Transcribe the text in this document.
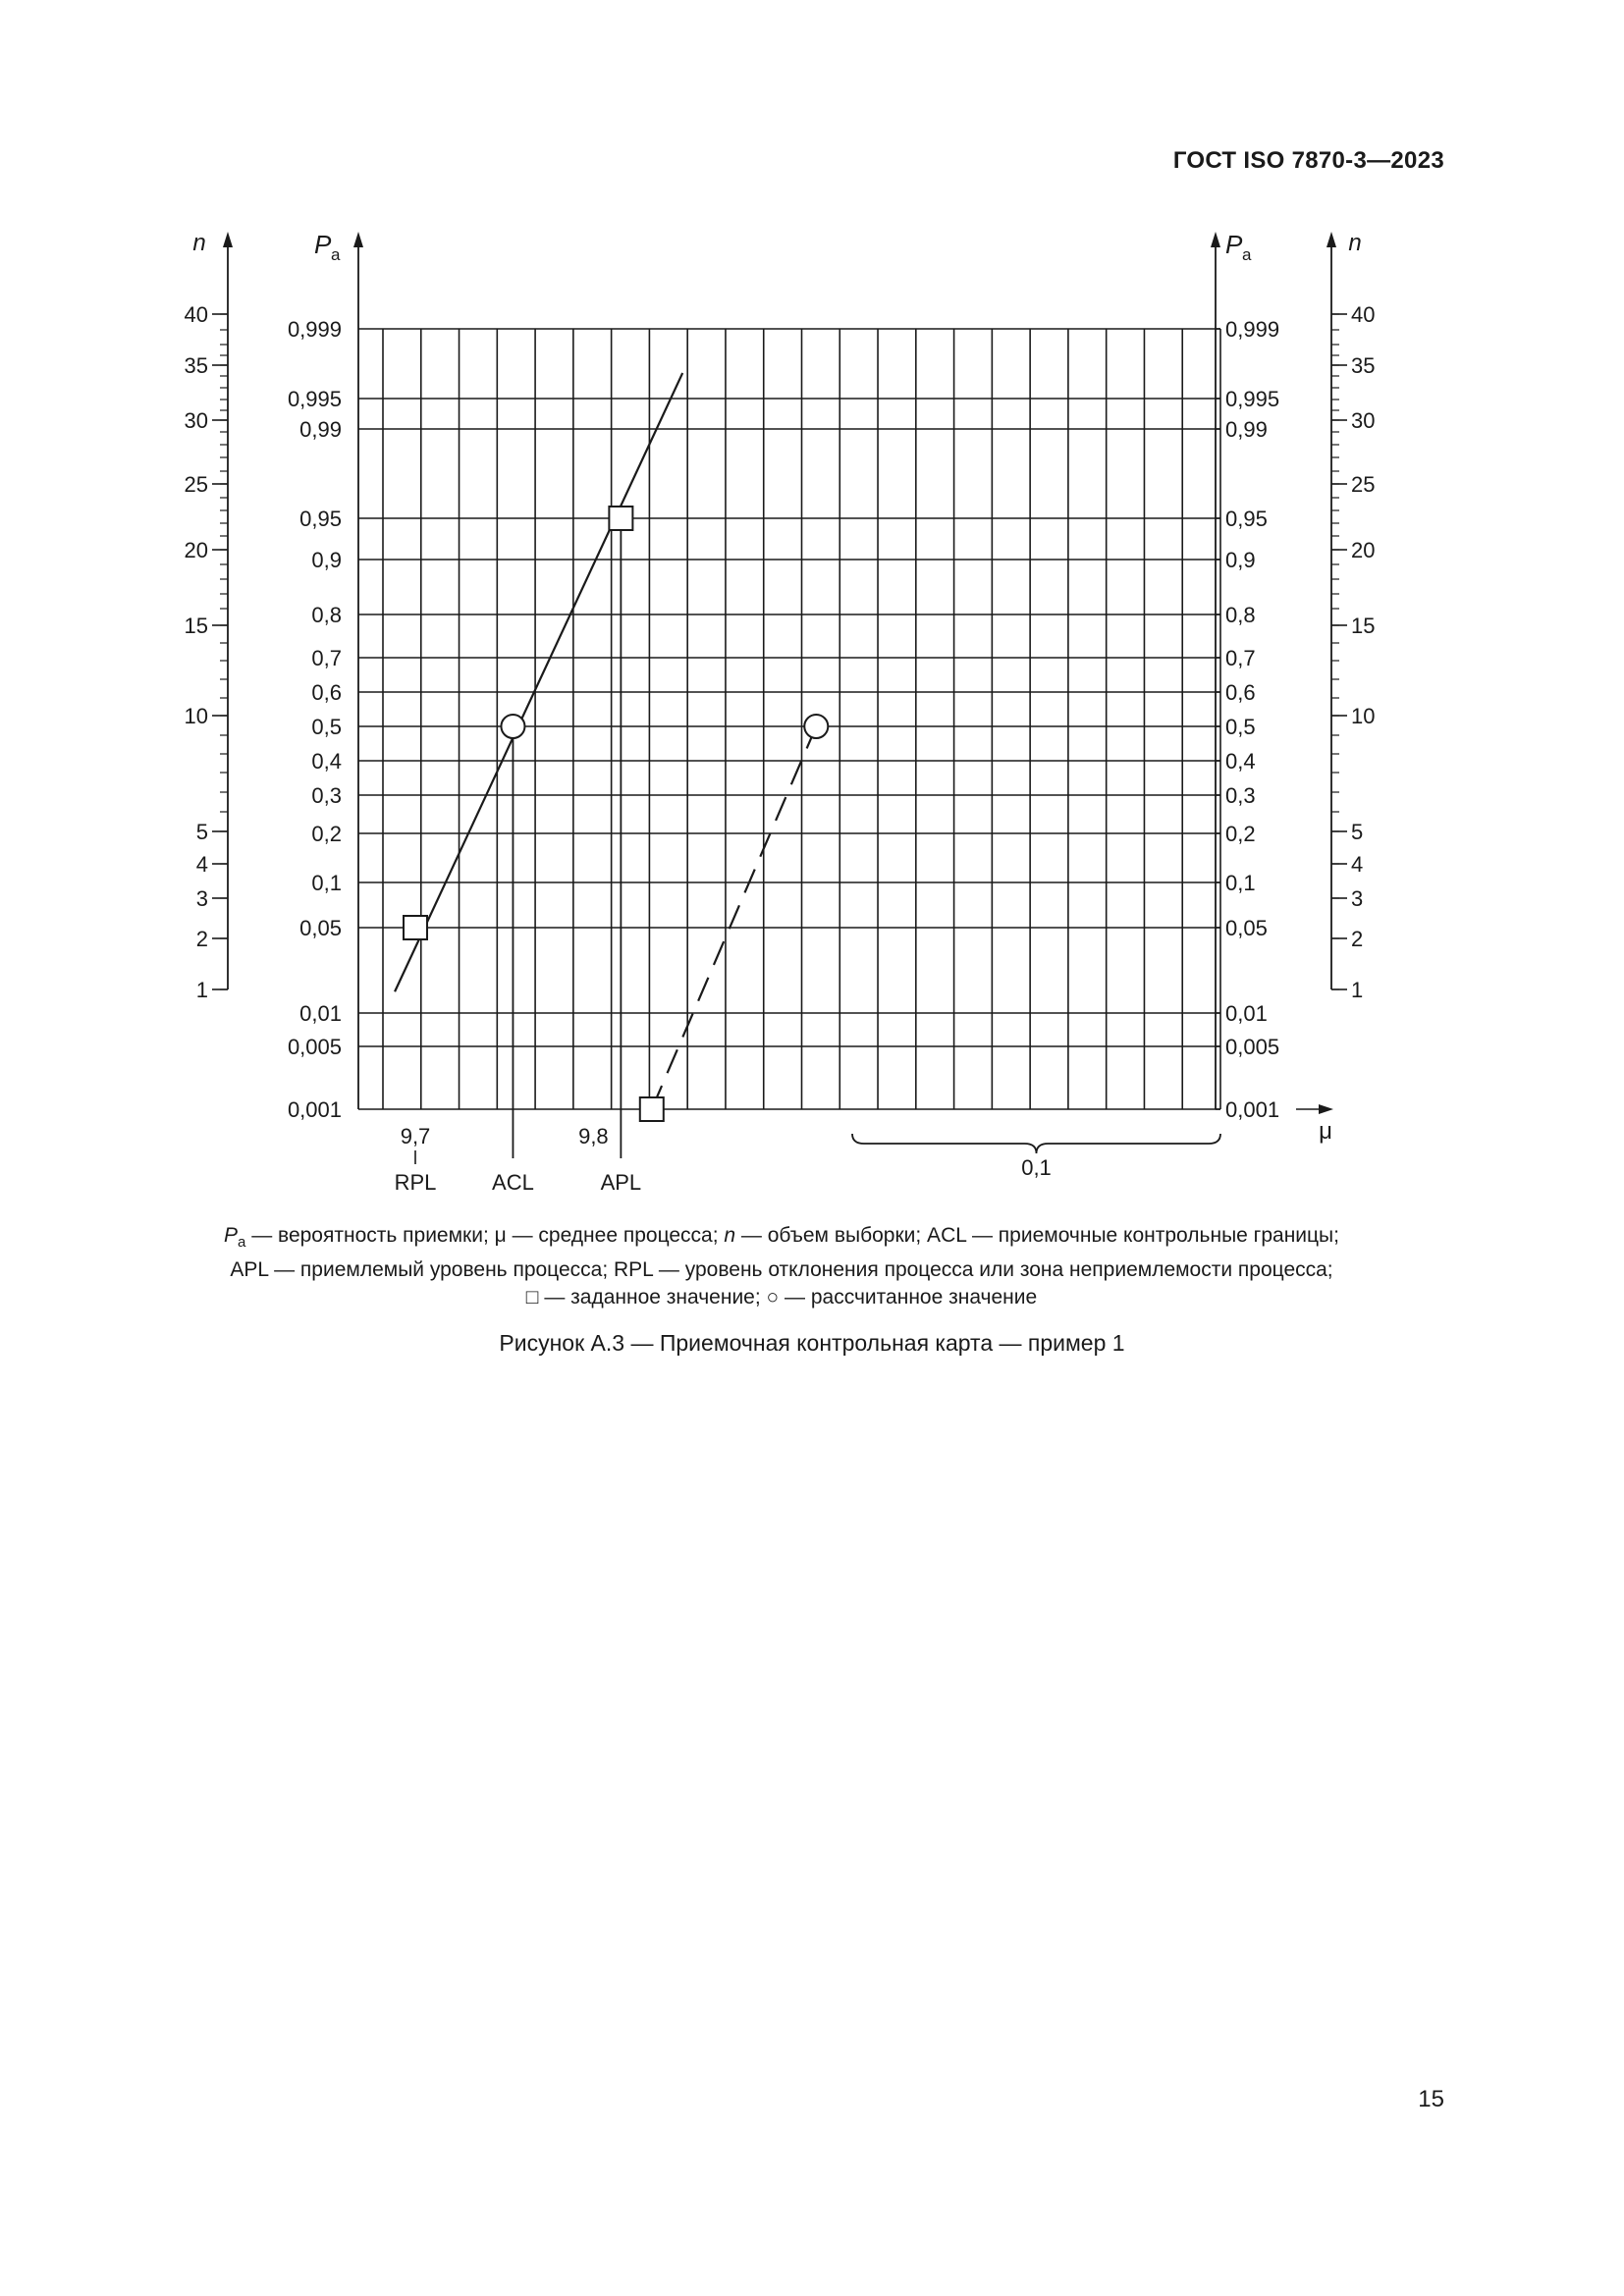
ГОСТ ISO 7870-3—2023
40
35
30
25
20
15
10
5
4
3
2
1
40
35
30
25
20
15
10
5
4
3
2
1
0,999
0,995
0,99
0,95
0,9
0,8
0,7
0,6
0,5
0,4
0,3
0,2
0,1
0,05
0,01
0,005
0,001
0,999
0,995
0,99
0,95
0,9
0,8
0,7
0,6
0,5
0,4
0,3
0,2
0,1
0,05
0,01
0,005
0,001
n	n
P a	P a
μ
9,7	9,8
RPL	ACL	APL
0,1
$P_a$ — вероятность приемки; μ — среднее процесса; n — объем выборки; ACL — приемочные контрольные границы;
APL — приемлемый уровень процесса; RPL — уровень отклонения процесса или зона неприемлемости процесса;
□ — заданное значение; ○ — рассчитанное значение
Рисунок А.3 — Приемочная контрольная карта — пример 1
15
